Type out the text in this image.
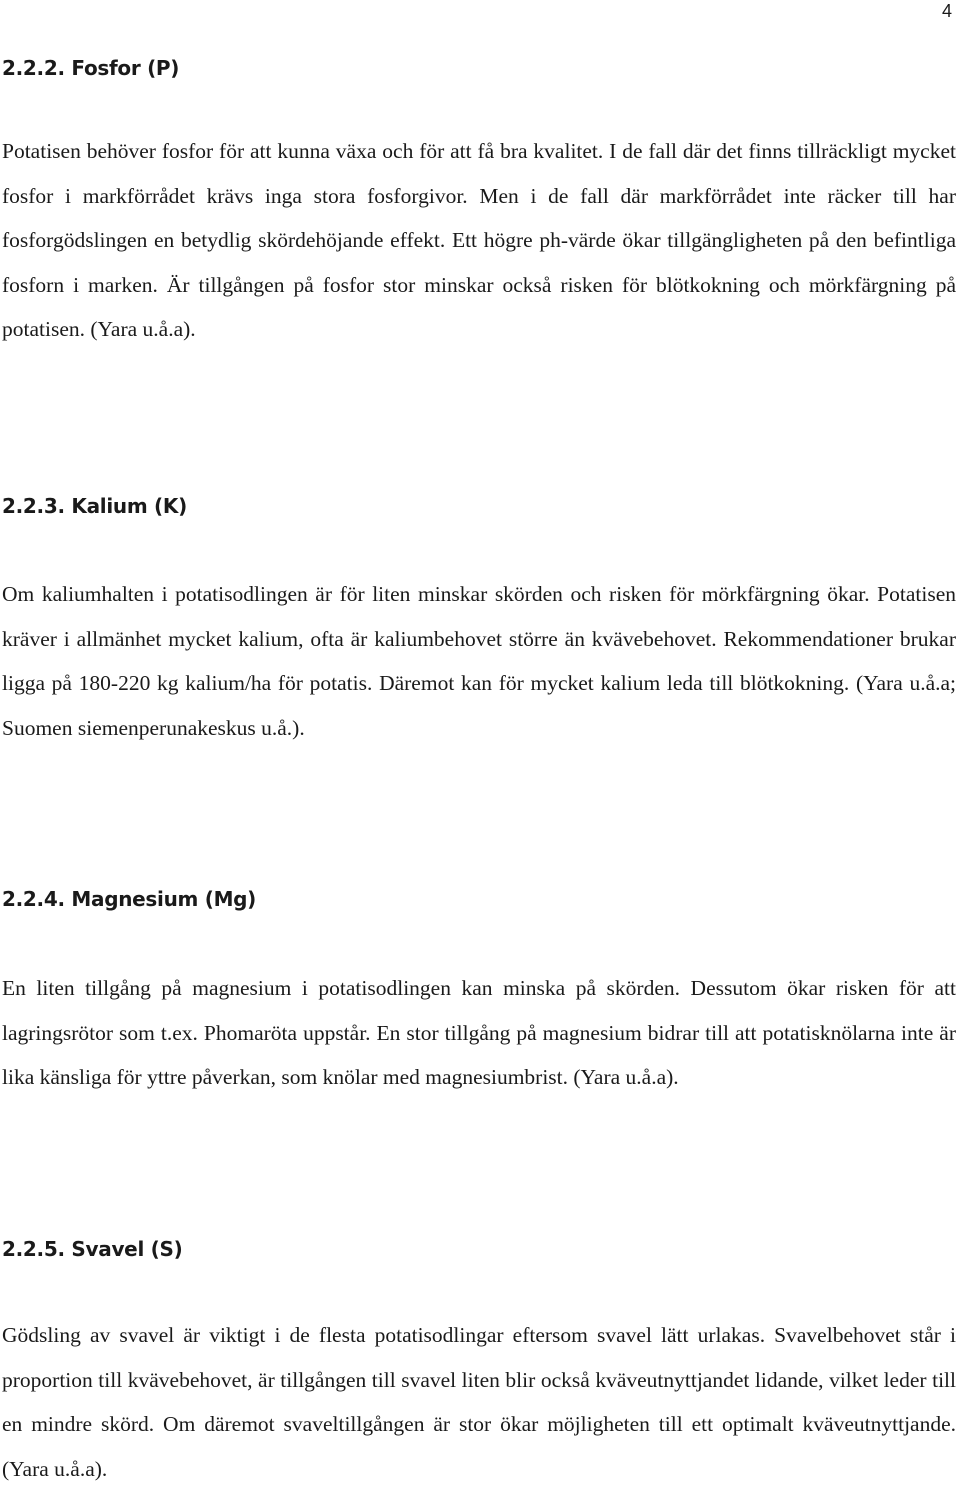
4
2.2.2. Fosfor (P)

Potatisen behöver fosfor för att kunna växa och för att få bra kvalitet. I de fall där det finns tillräckligt mycket fosfor i markförrådet krävs inga stora fosforgivor. Men i de fall där markförrådet inte räcker till har fosforgödslingen en betydlig skördehöjande effekt. Ett högre ph-värde ökar tillgängligheten på den befintliga fosforn i marken. Är tillgången på fosfor stor minskar också risken för blötkokning och mörkfärgning på potatisen. (Yara u.å.a).

2.2.3. Kalium (K)

Om kaliumhalten i potatisodlingen är för liten minskar skörden och risken för mörkfärgning ökar. Potatisen kräver i allmänhet mycket kalium, ofta är kaliumbehovet större än kvävebehovet. Rekommendationer brukar ligga på 180-220 kg kalium/ha för potatis. Däremot kan för mycket kalium leda till blötkokning. (Yara u.å.a; Suomen siemenperunakeskus u.å.).

2.2.4. Magnesium (Mg)

En liten tillgång på magnesium i potatisodlingen kan minska på skörden. Dessutom ökar risken för att lagringsrötor som t.ex. Phomaröta uppstår. En stor tillgång på magnesium bidrar till att potatisknölarna inte är lika känsliga för yttre påverkan, som knölar med magnesiumbrist. (Yara u.å.a).

2.2.5. Svavel (S)

Gödsling av svavel är viktigt i de flesta potatisodlingar eftersom svavel lätt urlakas. Svavelbehovet står i proportion till kvävebehovet, är tillgången till svavel liten blir också kväveutnyttjandet lidande, vilket leder till en mindre skörd. Om däremot svaveltillgången är stor ökar möjligheten till ett optimalt kväveutnyttjande. (Yara u.å.a).
